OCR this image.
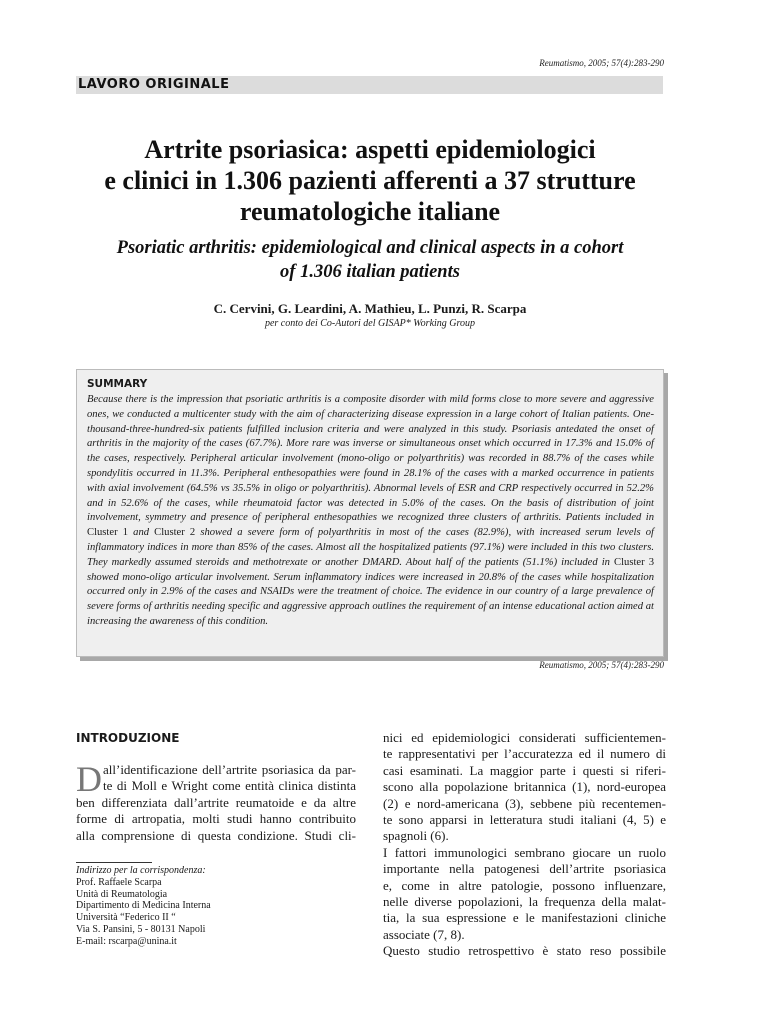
Reumatismo, 2005; 57(4):283-290
LAVORO ORIGINALE
Artrite psoriasica: aspetti epidemiologici
e clinici in 1.306 pazienti afferenti a 37 strutture
reumatologiche italiane
Psoriatic arthritis: epidemiological and clinical aspects in a cohort
of 1.306 italian patients
C. Cervini, G. Leardini, A. Mathieu, L. Punzi, R. Scarpa
per conto dei Co-Autori del GISAP* Working Group
SUMMARY
Because there is the impression that psoriatic arthritis is a composite disorder with mild forms close to more severe and aggressive ones, we conducted a multicenter study with the aim of characterizing disease expression in a large cohort of Italian patients. One-thousand-three-hundred-six patients fulfilled inclusion criteria and were analyzed in this study. Psoriasis antedated the onset of arthritis in the majority of the cases (67.7%). More rare was inverse or simultaneous onset which occurred in 17.3% and 15.0% of the cases, respectively. Peripheral articular involvement (mono-oligo or polyarthritis) was recorded in 88.7% of the cases while spondylitis occurred in 11.3%. Peripheral enthesopathies were found in 28.1% of the cases with a marked occurrence in patients with axial involvement (64.5% vs 35.5% in oligo or polyarthritis). Abnormal levels of ESR and CRP respectively occurred in 52.2% and in 52.6% of the cases, while rheumatoid factor was detected in 5.0% of the cases. On the basis of distribution of joint involvement, symmetry and presence of peripheral enthesopathies we recognized three clusters of arthritis. Patients included in Cluster 1 and Cluster 2 showed a severe form of polyarthritis in most of the cases (82.9%), with increased serum levels of inflammatory indices in more than 85% of the cases. Almost all the hospitalized patients (97.1%) were included in this two clusters. They markedly assumed steroids and methotrexate or another DMARD. About half of the patients (51.1%) included in Cluster 3 showed mono-oligo articular involvement. Serum inflammatory indices were increased in 20.8% of the cases while hospitalization occurred only in 2.9% of the cases and NSAIDs were the treatment of choice. The evidence in our country of a large prevalence of severe forms of arthritis needing specific and aggressive approach outlines the requirement of an intense educational action aimed at increasing the awareness of this condition.
Reumatismo, 2005; 57(4):283-290
INTRODUZIONE
D all’identificazione dell’artrite psoriasica da par-
te di Moll e Wright come entità clinica distinta
ben differenziata dall’artrite reumatoide e da altre
forme di artropatia, molti studi hanno contribuito
alla comprensione di questa condizione. Studi cli-
Indirizzo per la corrispondenza:
Prof. Raffaele Scarpa
Unità di Reumatologia
Dipartimento di Medicina Interna
Università “Federico II “
Via S. Pansini, 5 - 80131 Napoli
E-mail: rscarpa@unina.it
nici ed epidemiologici considerati sufficientemen-
te rappresentativi per l’accuratezza ed il numero di
casi esaminati. La maggior parte i questi si riferi-
scono alla popolazione britannica (1), nord-europea
(2) e nord-americana (3), sebbene più recentemen-
te sono apparsi in letteratura studi italiani (4, 5) e
spagnoli (6).
I fattori immunologici sembrano giocare un ruolo
importante nella patogenesi dell’artrite psoriasica
e, come in altre patologie, possono influenzare,
nelle diverse popolazioni, la frequenza della malat-
tia, la sua espressione e le manifestazioni cliniche
associate (7, 8).
Questo studio retrospettivo è stato reso possibile
